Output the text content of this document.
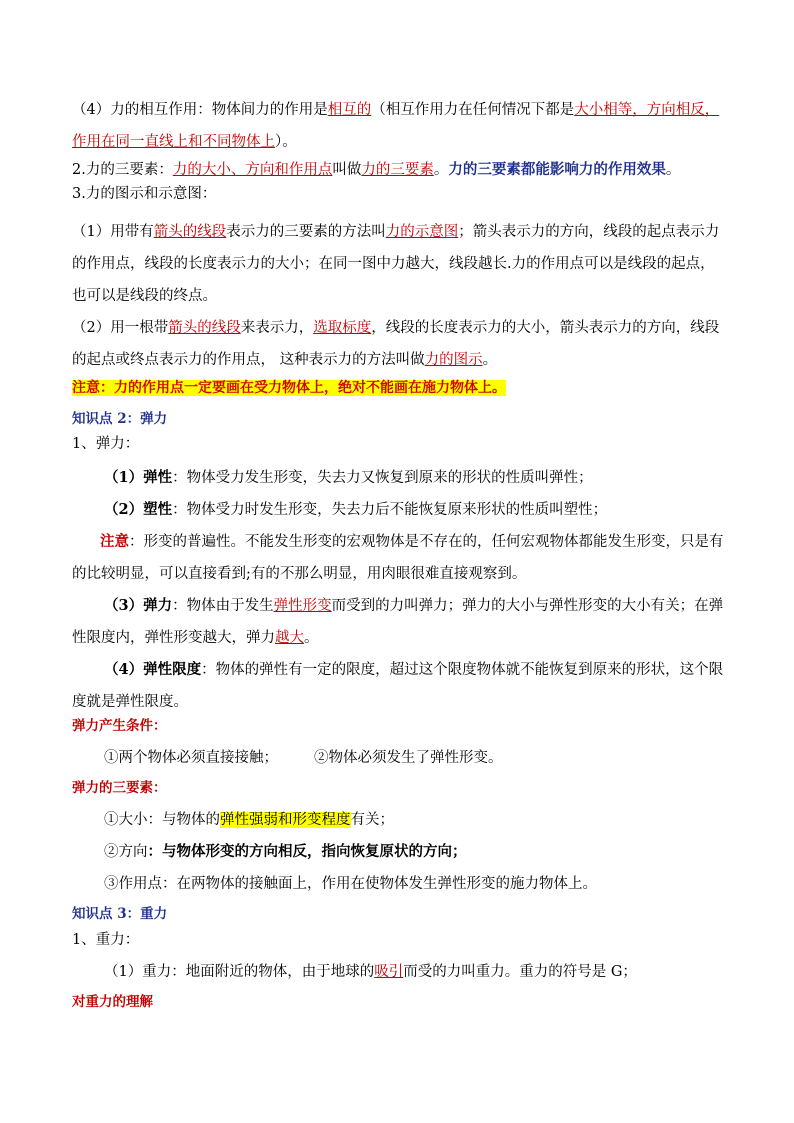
（4）力的相互作用：物体间力的作用是相互的（相互作用力在任何情况下都是大小相等，方向相反，作用在同一直线上和不同物体上）。

2.力的三要素：力的大小、方向和作用点叫做力的三要素。力的三要素都能影响力的作用效果。

3.力的图示和示意图：

（1）用带有箭头的线段表示力的三要素的方法叫力的示意图；箭头表示力的方向，线段的起点表示力的作用点，线段的长度表示力的大小；在同一图中力越大，线段越长.力的作用点可以是线段的起点，也可以是线段的终点。

（2）用一根带箭头的线段来表示力，选取标度，线段的长度表示力的大小，箭头表示力的方向，线段的起点或终点表示力的作用点， 这种表示力的方法叫做力的图示。

注意：力的作用点一定要画在受力物体上，绝对不能画在施力物体上。

知识点 2：弹力

1、弹力：

（1）弹性：物体受力发生形变，失去力又恢复到原来的形状的性质叫弹性；

（2）塑性：物体受力时发生形变，失去力后不能恢复原来形状的性质叫塑性；

注意：形变的普遍性。不能发生形变的宏观物体是不存在的，任何宏观物体都能发生形变，只是有的比较明显，可以直接看到;有的不那么明显，用肉眼很难直接观察到。

（3）弹力：物体由于发生弹性形变而受到的力叫弹力；弹力的大小与弹性形变的大小有关；在弹性限度内，弹性形变越大，弹力越大。

（4）弹性限度：物体的弹性有一定的限度，超过这个限度物体就不能恢复到原来的形状，这个限度就是弹性限度。

弹力产生条件：

①两个物体必须直接接触； ②物体必须发生了弹性形变。

弹力的三要素：

①大小：与物体的弹性强弱和形变程度有关；

②方向：与物体形变的方向相反，指向恢复原状的方向；

③作用点：在两物体的接触面上，作用在使物体发生弹性形变的施力物体上。

知识点 3：重力

1、重力：

（1）重力：地面附近的物体，由于地球的吸引而受的力叫重力。重力的符号是 G；

对重力的理解
